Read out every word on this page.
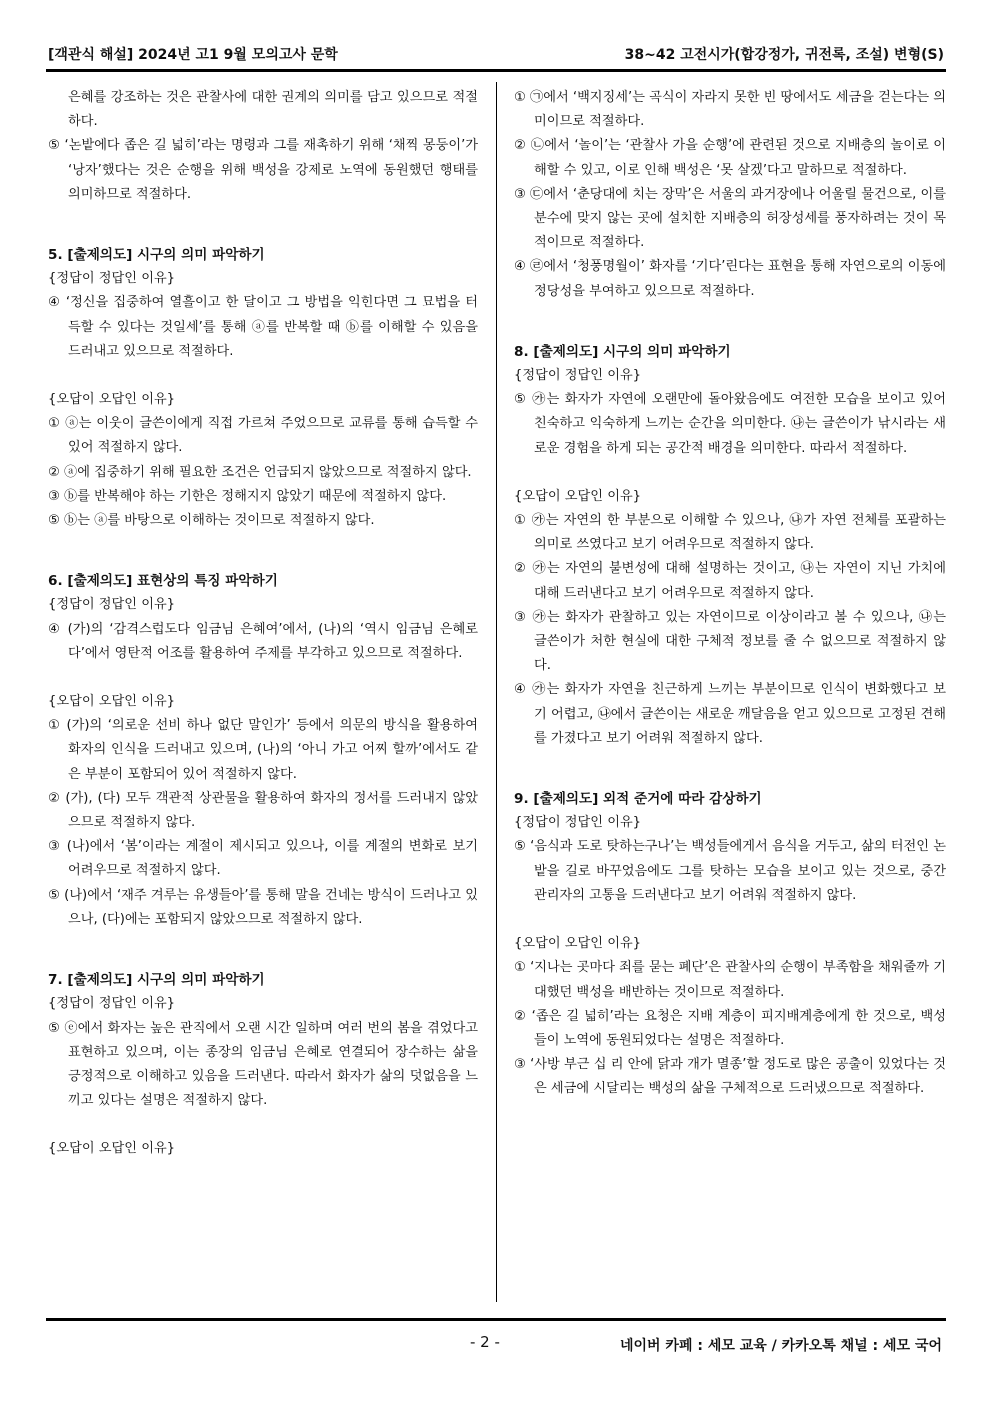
[객관식 해설] 2024년 고1 9월 모의고사 문학	38~42 고전시가(합강정가, 귀전록, 조설) 변형(S)
은혜를 강조하는 것은 관찰사에 대한 권계의 의미를 담고 있으므로 적절하다.
⑤ ‘논밭에다 좁은 길 넓히’라는 명령과 그를 재촉하기 위해 ‘채찍 몽둥이’가 ‘낭자’했다는 것은 순행을 위해 백성을 강제로 노역에 동원했던 행태를 의미하므로 적절하다.
5. [출제의도] 시구의 의미 파악하기
{정답이 정답인 이유}
④ ‘정신을 집중하여 열흘이고 한 달이고 그 방법을 익힌다면 그 묘법을 터득할 수 있다는 것일세’를 통해 ⓐ를 반복할 때 ⓑ를 이해할 수 있음을 드러내고 있으므로 적절하다.
{오답이 오답인 이유}
① ⓐ는 이웃이 글쓴이에게 직접 가르쳐 주었으므로 교류를 통해 습득할 수 있어 적절하지 않다.
② ⓐ에 집중하기 위해 필요한 조건은 언급되지 않았으므로 적절하지 않다.
③ ⓑ를 반복해야 하는 기한은 정해지지 않았기 때문에 적절하지 않다.
⑤ ⓑ는 ⓐ를 바탕으로 이해하는 것이므로 적절하지 않다.
6. [출제의도] 표현상의 특징 파악하기
{정답이 정답인 이유}
④ (가)의 ‘감격스럽도다 임금님 은혜여’에서, (나)의 ‘역시 임금님 은혜로다’에서 영탄적 어조를 활용하여 주제를 부각하고 있으므로 적절하다.
{오답이 오답인 이유}
① (가)의 ‘의로운 선비 하나 없단 말인가’ 등에서 의문의 방식을 활용하여 화자의 인식을 드러내고 있으며, (나)의 ‘아니 가고 어찌 할까’에서도 같은 부분이 포함되어 있어 적절하지 않다.
② (가), (다) 모두 객관적 상관물을 활용하여 화자의 정서를 드러내지 않았으므로 적절하지 않다.
③ (나)에서 ‘봄’이라는 계절이 제시되고 있으나, 이를 계절의 변화로 보기 어려우므로 적절하지 않다.
⑤ (나)에서 ‘재주 겨루는 유생들아’를 통해 말을 건네는 방식이 드러나고 있으나, (다)에는 포함되지 않았으므로 적절하지 않다.
7. [출제의도] 시구의 의미 파악하기
{정답이 정답인 이유}
⑤ ⓔ에서 화자는 높은 관직에서 오랜 시간 일하며 여러 번의 봄을 겪었다고 표현하고 있으며, 이는 종장의 임금님 은혜로 연결되어 장수하는 삶을 긍정적으로 이해하고 있음을 드러낸다. 따라서 화자가 삶의 덧없음을 느끼고 있다는 설명은 적절하지 않다.
{오답이 오답인 이유}
① ㉠에서 ‘백지징세’는 곡식이 자라지 못한 빈 땅에서도 세금을 걷는다는 의미이므로 적절하다.
② ㉡에서 ‘놀이’는 ‘관찰사 가을 순행’에 관련된 것으로 지배층의 놀이로 이해할 수 있고, 이로 인해 백성은 ‘못 살겠’다고 말하므로 적절하다.
③ ㉢에서 ‘춘당대에 치는 장막’은 서울의 과거장에나 어울릴 물건으로, 이를 분수에 맞지 않는 곳에 설치한 지배층의 허장성세를 풍자하려는 것이 목적이므로 적절하다.
④ ㉣에서 ‘청풍명월이’ 화자를 ‘기다’린다는 표현을 통해 자연으로의 이동에 정당성을 부여하고 있으므로 적절하다.
8. [출제의도] 시구의 의미 파악하기
{정답이 정답인 이유}
⑤ ㉮는 화자가 자연에 오랜만에 돌아왔음에도 여전한 모습을 보이고 있어 친숙하고 익숙하게 느끼는 순간을 의미한다. ㉯는 글쓴이가 낚시라는 새로운 경험을 하게 되는 공간적 배경을 의미한다. 따라서 적절하다.
{오답이 오답인 이유}
① ㉮는 자연의 한 부분으로 이해할 수 있으나, ㉯가 자연 전체를 포괄하는 의미로 쓰였다고 보기 어려우므로 적절하지 않다.
② ㉮는 자연의 불변성에 대해 설명하는 것이고, ㉯는 자연이 지닌 가치에 대해 드러낸다고 보기 어려우므로 적절하지 않다.
③ ㉮는 화자가 관찰하고 있는 자연이므로 이상이라고 볼 수 있으나, ㉯는 글쓴이가 처한 현실에 대한 구체적 정보를 줄 수 없으므로 적절하지 않다.
④ ㉮는 화자가 자연을 친근하게 느끼는 부분이므로 인식이 변화했다고 보기 어렵고, ㉯에서 글쓴이는 새로운 깨달음을 얻고 있으므로 고정된 견해를 가졌다고 보기 어려워 적절하지 않다.
9. [출제의도] 외적 준거에 따라 감상하기
{정답이 정답인 이유}
⑤ ‘음식과 도로 탓하는구나’는 백성들에게서 음식을 거두고, 삶의 터전인 논밭을 길로 바꾸었음에도 그를 탓하는 모습을 보이고 있는 것으로, 중간 관리자의 고통을 드러낸다고 보기 어려워 적절하지 않다.
{오답이 오답인 이유}
① ‘지나는 곳마다 죄를 묻는 폐단’은 관찰사의 순행이 부족함을 채워줄까 기대했던 백성을 배반하는 것이므로 적절하다.
② ‘좁은 길 넓히’라는 요청은 지배 계층이 피지배계층에게 한 것으로, 백성들이 노역에 동원되었다는 설명은 적절하다.
③ ‘사방 부근 십 리 안에 닭과 개가 멸종’할 정도로 많은 공출이 있었다는 것은 세금에 시달리는 백성의 삶을 구체적으로 드러냈으므로 적절하다.
- 2 -	네이버 카페 : 세모 교육 / 카카오톡 채널 : 세모 국어
